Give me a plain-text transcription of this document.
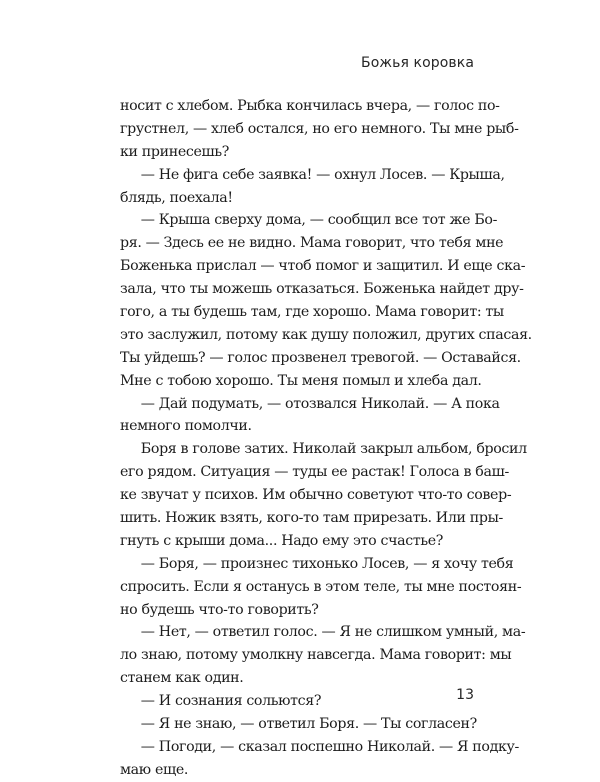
Божья коровка
носит с хлебом. Рыбка кончилась вчера, — голос по-
грустнел, — хлеб остался, но его немного. Ты мне рыб-
ки принесешь?
— Не фига себе заявка! — охнул Лосев. — Крыша,
блядь, поехала!
— Крыша сверху дома, — сообщил все тот же Бо-
ря. — Здесь ее не видно. Мама говорит, что тебя мне
Боженька прислал — чтоб помог и защитил. И еще ска-
зала, что ты можешь отказаться. Боженька найдет дру-
гого, а ты будешь там, где хорошо. Мама говорит: ты
это заслужил, потому как душу положил, других спасая.
Ты уйдешь? — голос прозвенел тревогой. — Оставайся.
Мне с тобою хорошо. Ты меня помыл и хлеба дал.
— Дай подумать, — отозвался Николай. — А пока
немного помолчи.
Боря в голове затих. Николай закрыл альбом, бросил
его рядом. Ситуация — туды ее растак! Голоса в баш-
ке звучат у психов. Им обычно советуют что-то совер-
шить. Ножик взять, кого-то там прирезать. Или пры-
гнуть с крыши дома... Надо ему это счастье?
— Боря, — произнес тихонько Лосев, — я хочу тебя
спросить. Если я останусь в этом теле, ты мне постоян-
но будешь что-то говорить?
— Нет, — ответил голос. — Я не слишком умный, ма-
ло знаю, потому умолкну навсегда. Мама говорит: мы
станем как один.
— И сознания сольются?
— Я не знаю, — ответил Боря. — Ты согласен?
— Погоди, — сказал поспешно Николай. — Я подку-
маю еще.
13
